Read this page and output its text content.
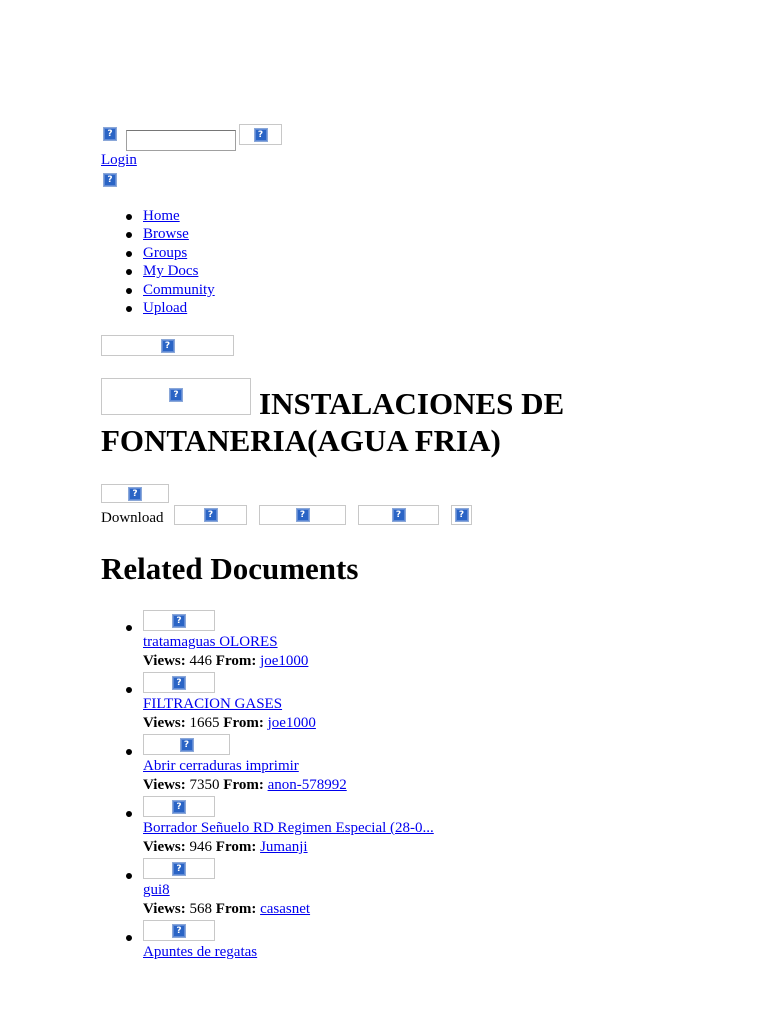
?	?
Login
?
Home
Browse
Groups
My Docs
Community
Upload
?
?	INSTALACIONES DE FONTANERIA(AGUA FRIA)
?
Download	?	?	?	?
Related Documents
?
tratamaguas OLORES
Views: 446 From: joe1000
?
FILTRACION GASES
Views: 1665 From: joe1000
?
Abrir cerraduras imprimir
Views: 7350 From: anon-578992
?
Borrador Señuelo RD Regimen Especial (28-0...
Views: 946 From: Jumanji
?
gui8
Views: 568 From: casasnet
?
Apuntes de regatas
